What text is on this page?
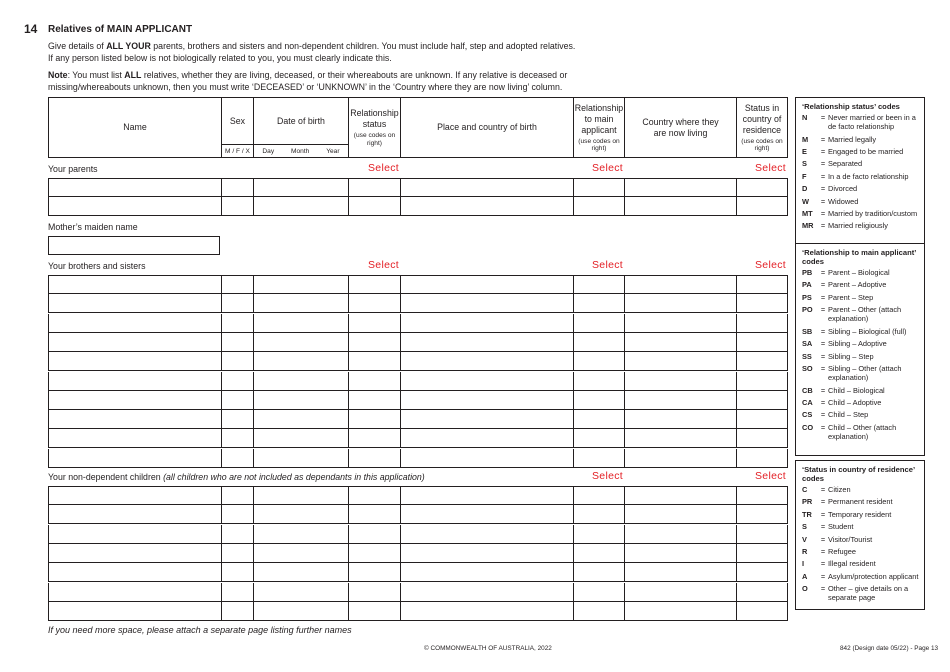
14 Relatives of MAIN APPLICANT
Give details of ALL YOUR parents, brothers and sisters and non-dependent children. You must include half, step and adopted relatives.
If any person listed below is not biologically related to you, you must clearly indicate this.
Note: You must list ALL relatives, whether they are living, deceased, or their whereabouts are unknown. If any relative is deceased or
missing/whereabouts unknown, then you must write ‘DECEASED’ or ‘UNKNOWN’ in the ‘Country where they are now living’ column.
Name
Sex
M / F / X
Date of birth
Day	Month	Year
Relationship status
(use codes on right)
Place and country of birth
Relationship to main applicant
(use codes on right)
Country where they are now living
Status in country of residence
(use codes on right)
Your parents	Select	Select	Select
Mother’s maiden name
Your brothers and sisters	Select	Select	Select
Your non-dependent children (all children who are not included as dependants in this application)	Select	Select
If you need more space, please attach a separate page listing further names
© COMMONWEALTH OF AUSTRALIA, 2022	842 (Design date 05/22) - Page 13
‘Relationship status’ codes
N	= Never married or been in a de facto relationship
M	= Married legally
E	= Engaged to be married
S	= Separated
F	= In a de facto relationship
D	= Divorced
W	= Widowed
MT	= Married by tradition/custom
MR = Married religiously
‘Relationship to main applicant’ codes
PB	= Parent – Biological
PA	= Parent – Adoptive
PS	= Parent – Step
PO	= Parent – Other (attach explanation)
SB	= Sibling – Biological (full)
SA	= Sibling – Adoptive
SS	= Sibling – Step
SO	= Sibling – Other (attach explanation)
CB	= Child – Biological
CA	= Child – Adoptive
CS	= Child – Step
CO	= Child – Other (attach explanation)
‘Status in country of residence’ codes
C	= Citizen
PR	= Permanent resident
TR	= Temporary resident
S	= Student
V	= Visitor/Tourist
R	= Refugee
I	= Illegal resident
A	= Asylum/protection applicant
O	= Other – give details on a separate page
